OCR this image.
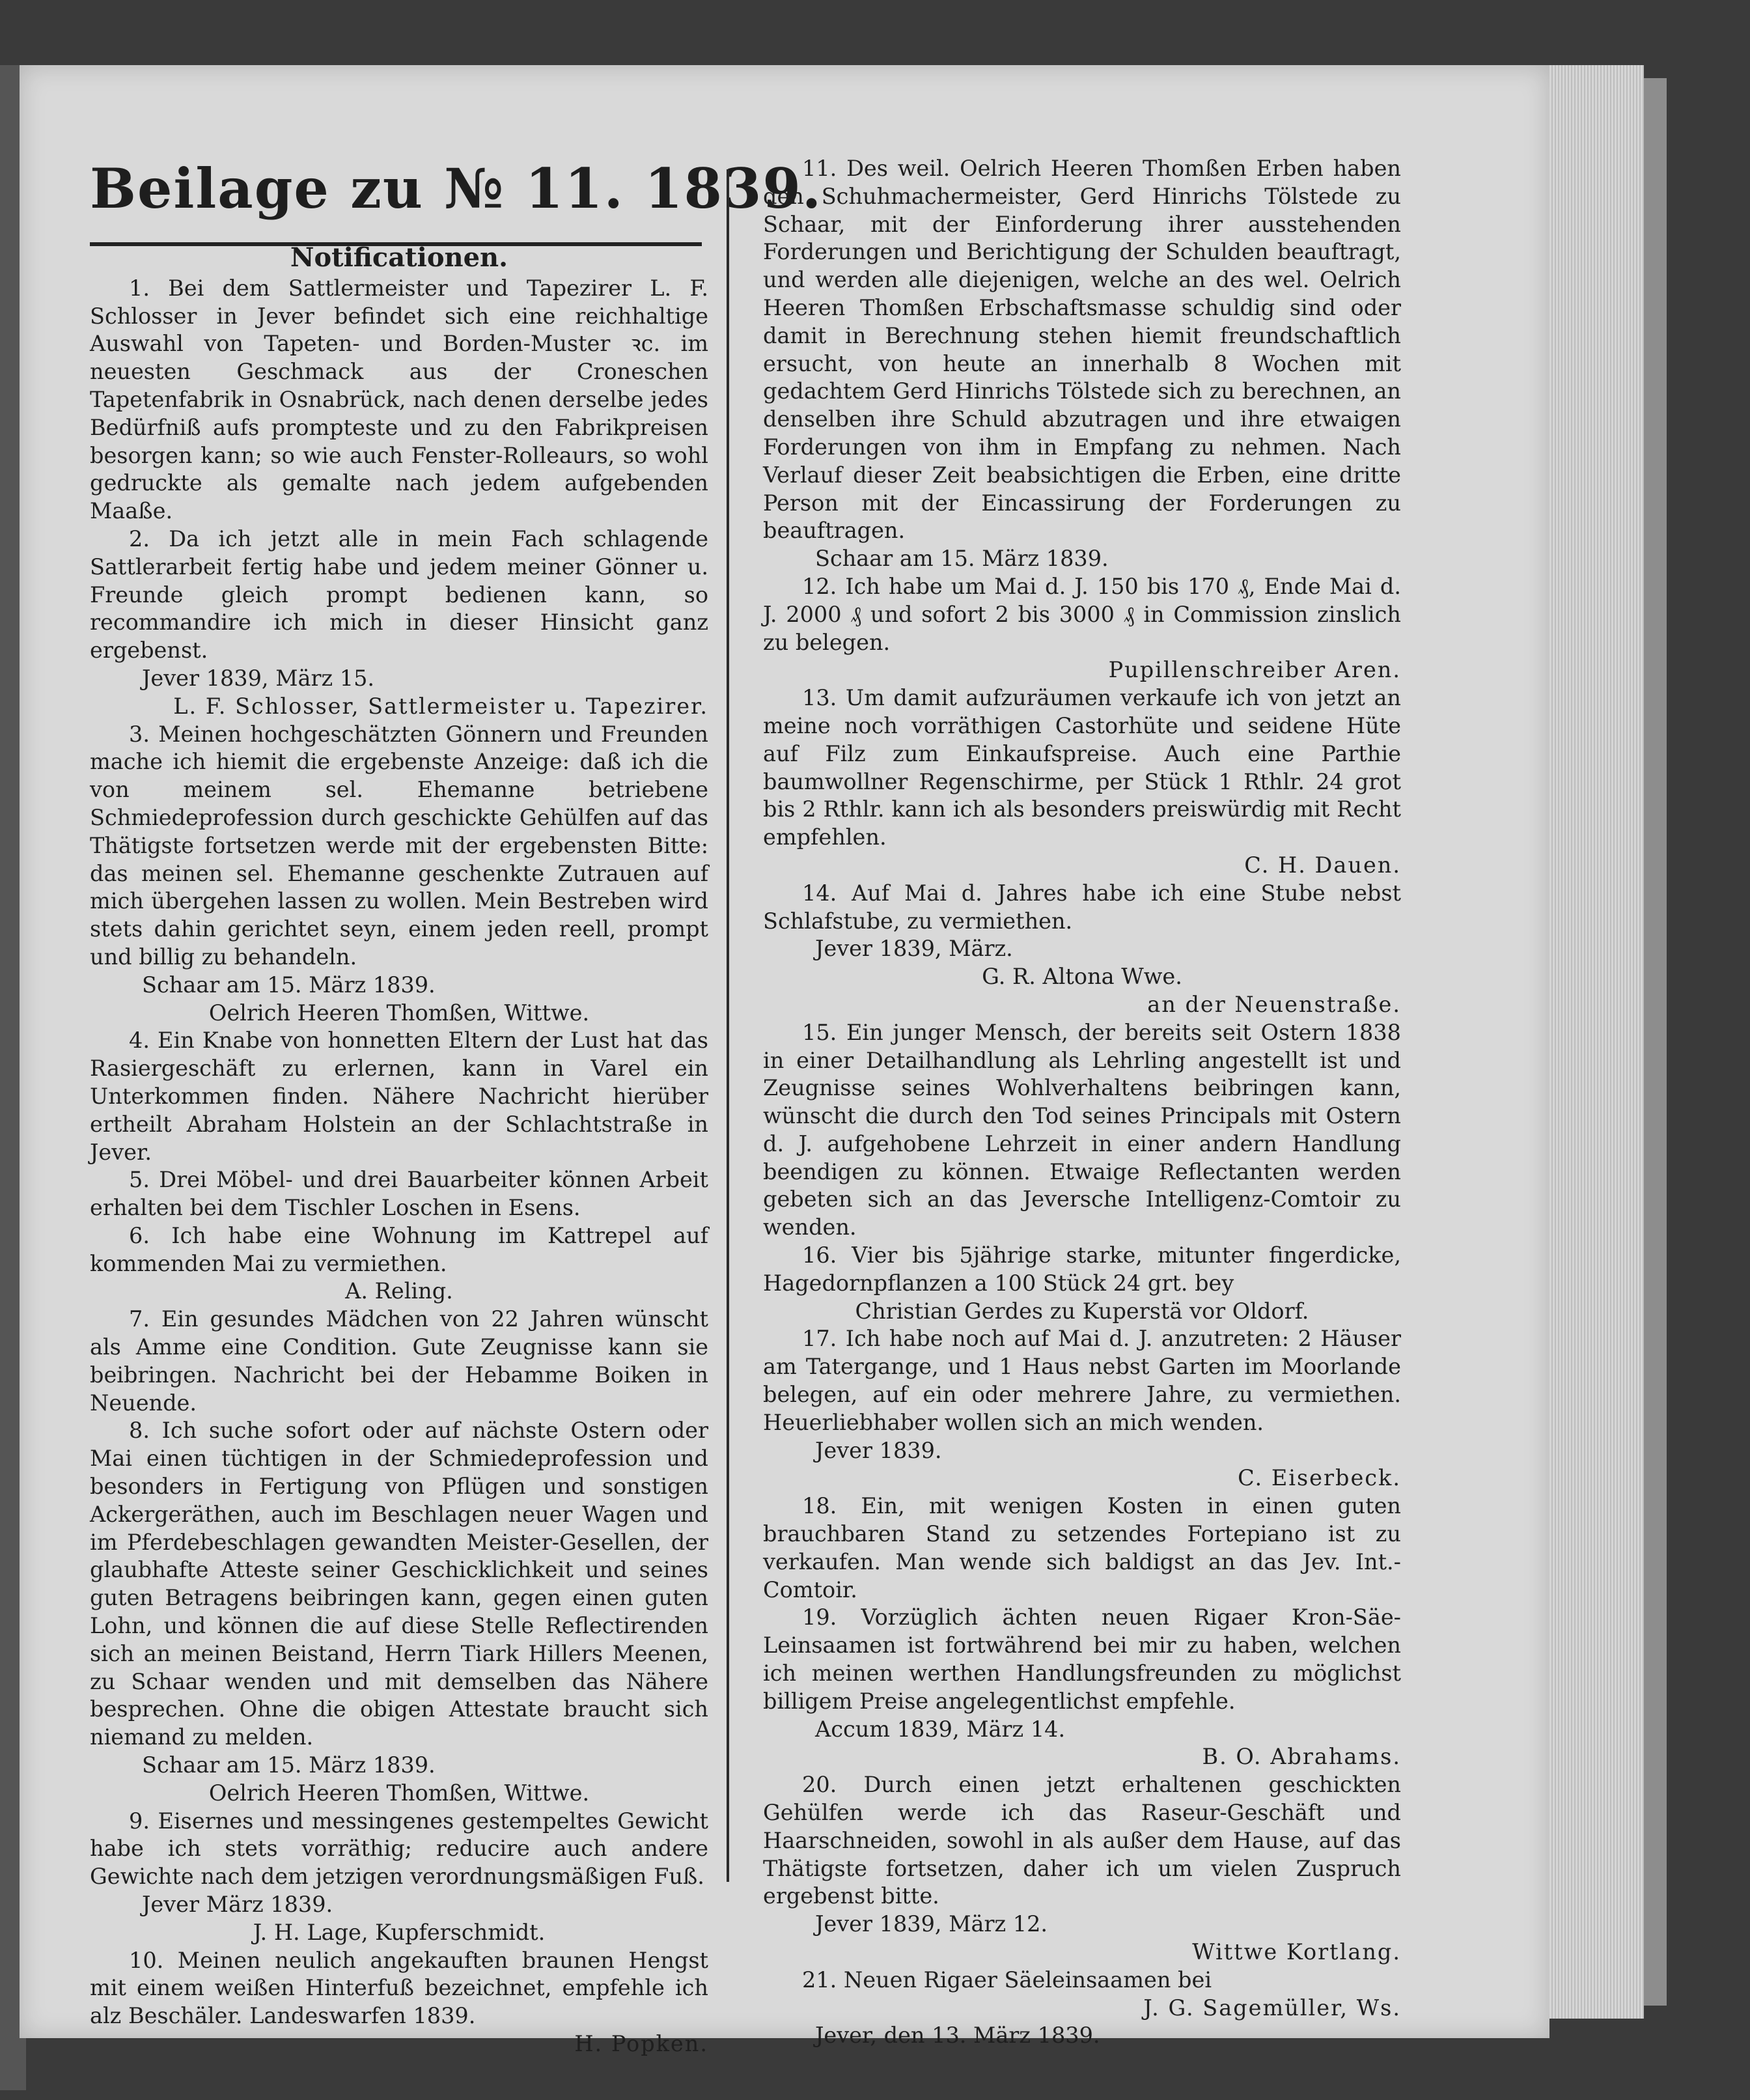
Beilage zu № 11. 1839.
Notificationen.

1. Bei dem Sattlermeister und Tapezirer L. F. Schlosser in Jever befindet sich eine reichhaltige Auswahl von Tapeten- und Borden-Muster ꝛc. im neuesten Geschmack aus der Croneschen Tapetenfabrik in Osnabrück, nach denen derselbe jedes Bedürfniß aufs prompteste und zu den Fabrikpreisen besorgen kann; so wie auch Fenster-Rolleaurs, so wohl gedruckte als gemalte nach jedem aufgebenden Maaße.

2. Da ich jetzt alle in mein Fach schlagende Sattlerarbeit fertig habe und jedem meiner Gönner u. Freunde gleich prompt bedienen kann, so recommandire ich mich in dieser Hinsicht ganz ergebenst.

Jever 1839, März 15.

L. F. Schlosser, Sattlermeister u. Tapezirer.

3. Meinen hochgeschätzten Gönnern und Freunden mache ich hiemit die ergebenste Anzeige: daß ich die von meinem sel. Ehemanne betriebene Schmiedeprofession durch geschickte Gehülfen auf das Thätigste fortsetzen werde mit der ergebensten Bitte: das meinen sel. Ehemanne geschenkte Zutrauen auf mich übergehen lassen zu wollen. Mein Bestreben wird stets dahin gerichtet seyn, einem jeden reell, prompt und billig zu behandeln.

Schaar am 15. März 1839.

Oelrich Heeren Thomßen, Wittwe.

4. Ein Knabe von honnetten Eltern der Lust hat das Rasiergeschäft zu erlernen, kann in Varel ein Unterkommen finden. Nähere Nachricht hierüber ertheilt Abraham Holstein an der Schlachtstraße in Jever.

5. Drei Möbel- und drei Bauarbeiter können Arbeit erhalten bei dem Tischler Loschen in Esens.

6. Ich habe eine Wohnung im Kattrepel auf kommenden Mai zu vermiethen.

A. Reling.

7. Ein gesundes Mädchen von 22 Jahren wünscht als Amme eine Condition. Gute Zeugnisse kann sie beibringen. Nachricht bei der Hebamme Boiken in Neuende.

8. Ich suche sofort oder auf nächste Ostern oder Mai einen tüchtigen in der Schmiedeprofession und besonders in Fertigung von Pflügen und sonstigen Ackergeräthen, auch im Beschlagen neuer Wagen und im Pferdebeschlagen gewandten Meister-Gesellen, der glaubhafte Atteste seiner Geschicklichkeit und seines guten Betragens beibringen kann, gegen einen guten Lohn, und können die auf diese Stelle Reflectirenden sich an meinen Beistand, Herrn Tiark Hillers Meenen, zu Schaar wenden und mit demselben das Nähere besprechen. Ohne die obigen Attestate braucht sich niemand zu melden.

Schaar am 15. März 1839.

Oelrich Heeren Thomßen, Wittwe.

9. Eisernes und messingenes gestempeltes Gewicht habe ich stets vorräthig; reducire auch andere Gewichte nach dem jetzigen verordnungsmäßigen Fuß.

Jever März 1839.

J. H. Lage, Kupferschmidt.

10. Meinen neulich angekauften braunen Hengst mit einem weißen Hinterfuß bezeichnet, empfehle ich alz Beschäler. Landeswarfen 1839.

H. Popken.

11. Des weil. Oelrich Heeren Thomßen Erben haben den Schuhmachermeister, Gerd Hinrichs Tölstede zu Schaar, mit der Einforderung ihrer ausstehenden Forderungen und Berichtigung der Schulden beauftragt, und werden alle diejenigen, welche an des wel. Oelrich Heeren Thomßen Erbschaftsmasse schuldig sind oder damit in Berechnung stehen hiemit freundschaftlich ersucht, von heute an innerhalb 8 Wochen mit gedachtem Gerd Hinrichs Tölstede sich zu berechnen, an denselben ihre Schuld abzutragen und ihre etwaigen Forderungen von ihm in Empfang zu nehmen. Nach Verlauf dieser Zeit beabsichtigen die Erben, eine dritte Person mit der Eincassirung der Forderungen zu beauftragen.

Schaar am 15. März 1839.

12. Ich habe um Mai d. J. 150 bis 170 ₰, Ende Mai d. J. 2000 ₰ und sofort 2 bis 3000 ₰ in Commission zinslich zu belegen.

Pupillenschreiber Aren.

13. Um damit aufzuräumen verkaufe ich von jetzt an meine noch vorräthigen Castorhüte und seidene Hüte auf Filz zum Einkaufspreise. Auch eine Parthie baumwollner Regenschirme, per Stück 1 Rthlr. 24 grot bis 2 Rthlr. kann ich als besonders preiswürdig mit Recht empfehlen.

C. H. Dauen.

14. Auf Mai d. Jahres habe ich eine Stube nebst Schlafstube, zu vermiethen.

Jever 1839, März.

G. R. Altona Wwe.

an der Neuenstraße.

15. Ein junger Mensch, der bereits seit Ostern 1838 in einer Detailhandlung als Lehrling angestellt ist und Zeugnisse seines Wohlverhaltens beibringen kann, wünscht die durch den Tod seines Principals mit Ostern d. J. aufgehobene Lehrzeit in einer andern Handlung beendigen zu können. Etwaige Reflectanten werden gebeten sich an das Jeversche Intelligenz-Comtoir zu wenden.

16. Vier bis 5jährige starke, mitunter fingerdicke, Hagedornpflanzen a 100 Stück 24 grt. bey

Christian Gerdes zu Kuperstä vor Oldorf.

17. Ich habe noch auf Mai d. J. anzutreten: 2 Häuser am Tatergange, und 1 Haus nebst Garten im Moorlande belegen, auf ein oder mehrere Jahre, zu vermiethen. Heuerliebhaber wollen sich an mich wenden.

Jever 1839.

C. Eiserbeck.

18. Ein, mit wenigen Kosten in einen guten brauchbaren Stand zu setzendes Fortepiano ist zu verkaufen. Man wende sich baldigst an das Jev. Int.-Comtoir.

19. Vorzüglich ächten neuen Rigaer Kron-Säe-Leinsaamen ist fortwährend bei mir zu haben, welchen ich meinen werthen Handlungsfreunden zu möglichst billigem Preise angelegentlichst empfehle.

Accum 1839, März 14.

B. O. Abrahams.

20. Durch einen jetzt erhaltenen geschickten Gehülfen werde ich das Raseur-Geschäft und Haarschneiden, sowohl in als außer dem Hause, auf das Thätigste fortsetzen, daher ich um vielen Zuspruch ergebenst bitte.

Jever 1839, März 12.

Wittwe Kortlang.

21. Neuen Rigaer Säeleinsaamen bei

J. G. Sagemüller, Ws.

Jever, den 13. März 1839.
